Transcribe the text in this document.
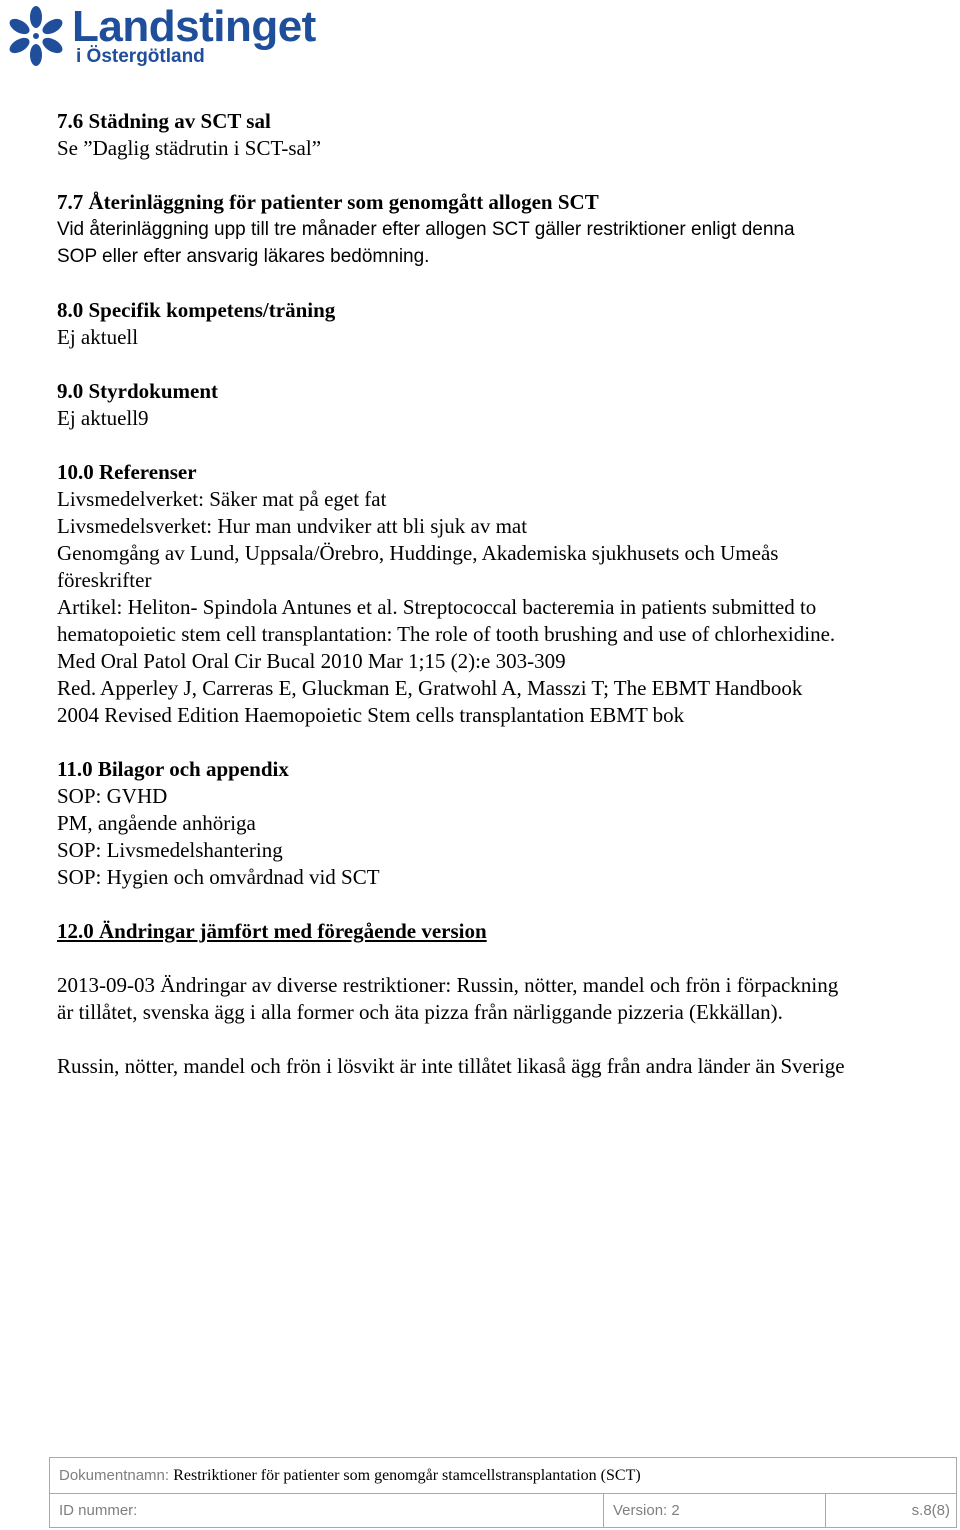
Landstinget
i Östergötland

7.6 Städning av SCT sal

Se ”Daglig städrutin i SCT-sal”

7.7 Återinläggning för patienter som genomgått allogen SCT

Vid återinläggning upp till tre månader efter allogen SCT gäller restriktioner enligt denna

SOP eller efter ansvarig läkares bedömning.

8.0 Specifik kompetens/träning

Ej aktuell

9.0 Styrdokument

Ej aktuell9

10.0 Referenser

Livsmedelverket: Säker mat på eget fat

Livsmedelsverket: Hur man undviker att bli sjuk av mat

Genomgång av Lund, Uppsala/Örebro, Huddinge, Akademiska sjukhusets och Umeås

föreskrifter

Artikel: Heliton- Spindola Antunes et al. Streptococcal bacteremia in patients submitted to

hematopoietic stem cell transplantation: The role of tooth brushing and use of chlorhexidine.

Med Oral Patol Oral Cir Bucal 2010 Mar 1;15 (2):e 303-309

Red. Apperley J, Carreras E, Gluckman E, Gratwohl A, Masszi T; The EBMT Handbook

2004 Revised Edition Haemopoietic Stem cells transplantation EBMT bok

11.0 Bilagor och appendix

SOP: GVHD

PM, angående anhöriga

SOP: Livsmedelshantering

SOP: Hygien och omvårdnad vid SCT

12.0 Ändringar jämfört med föregående version

2013-09-03 Ändringar av diverse restriktioner: Russin, nötter, mandel och frön i förpackning

är tillåtet, svenska ägg i alla former och äta pizza från närliggande pizzeria (Ekkällan).

Russin, nötter, mandel och frön i lösvikt är inte tillåtet likaså ägg från andra länder än Sverige

Dokumentnamn: Restriktioner för patienter som genomgår stamcellstransplantation (SCT)
ID nummer:	Version: 2	s.8(8)
